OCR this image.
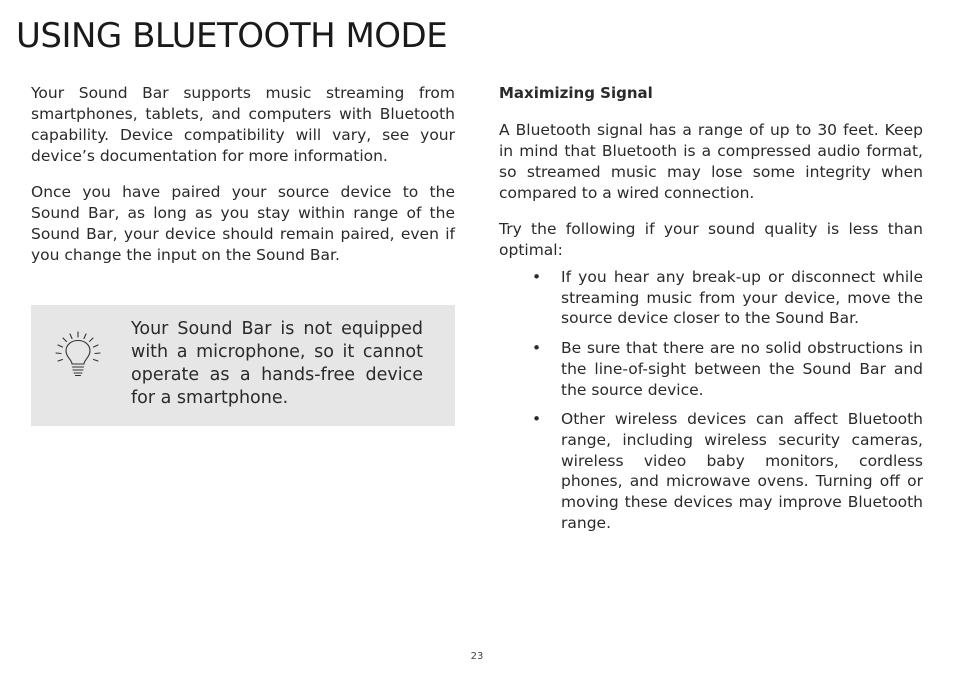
USING BLUETOOTH MODE

Your Sound Bar supports music streaming from smartphones, tablets, and computers with Bluetooth capability. Device compatibility will vary, see your device’s documentation for more information.

Once you have paired your source device to the Sound Bar, as long as you stay within range of the Sound Bar, your device should remain paired, even if you change the input on the Sound Bar.

Your Sound Bar is not equipped with a microphone, so it cannot operate as a hands-free device for a smartphone.

Maximizing Signal

A Bluetooth signal has a range of up to 30 feet. Keep in mind that Bluetooth is a compressed audio format, so streamed music may lose some integrity when compared to a wired connection.

Try the following if your sound quality is less than optimal:

• If you hear any break-up or disconnect while streaming music from your device, move the source device closer to the Sound Bar.
• Be sure that there are no solid obstructions in the line-of-sight between the Sound Bar and the source device.
• Other wireless devices can affect Bluetooth range, including wireless security cameras, wireless video baby monitors, cordless phones, and microwave ovens. Turning off or moving these devices may improve Bluetooth range.
23
